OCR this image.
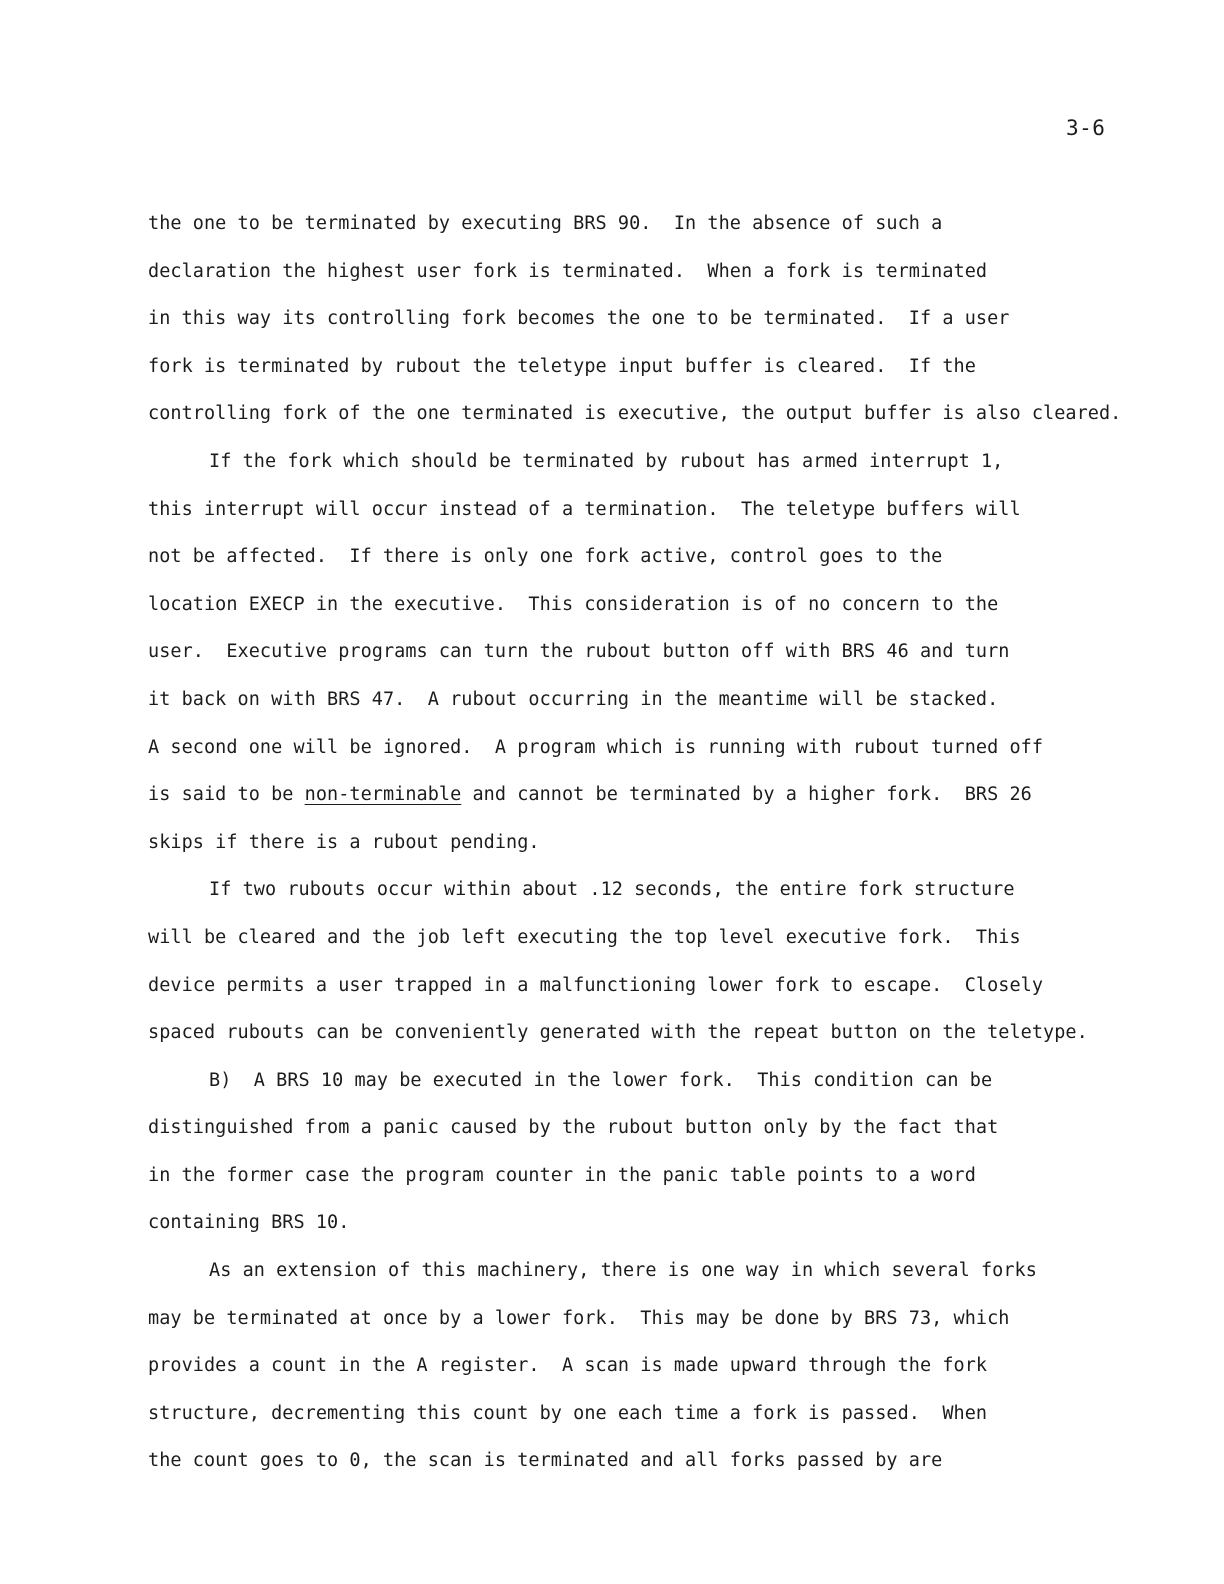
3-6
the one to be terminated by executing BRS 90.  In the absence of such a
declaration the highest user fork is terminated.  When a fork is terminated
in this way its controlling fork becomes the one to be terminated.  If a user
fork is terminated by rubout the teletype input buffer is cleared.  If the
controlling fork of the one terminated is executive, the output buffer is also cleared.
If the fork which should be terminated by rubout has armed interrupt 1,
this interrupt will occur instead of a termination.  The teletype buffers will
not be affected.  If there is only one fork active, control goes to the
location EXECP in the executive.  This consideration is of no concern to the
user.  Executive programs can turn the rubout button off with BRS 46 and turn
it back on with BRS 47.  A rubout occurring in the meantime will be stacked.
A second one will be ignored.  A program which is running with rubout turned off
is said to be non-terminable and cannot be terminated by a higher fork.  BRS 26
skips if there is a rubout pending.
If two rubouts occur within about .12 seconds, the entire fork structure
will be cleared and the job left executing the top level executive fork.  This
device permits a user trapped in a malfunctioning lower fork to escape.  Closely
spaced rubouts can be conveniently generated with the repeat button on the teletype.
B)  A BRS 10 may be executed in the lower fork.  This condition can be
distinguished from a panic caused by the rubout button only by the fact that
in the former case the program counter in the panic table points to a word
containing BRS 10.
As an extension of this machinery, there is one way in which several forks
may be terminated at once by a lower fork.  This may be done by BRS 73, which
provides a count in the A register.  A scan is made upward through the fork
structure, decrementing this count by one each time a fork is passed.  When
the count goes to 0, the scan is terminated and all forks passed by are
